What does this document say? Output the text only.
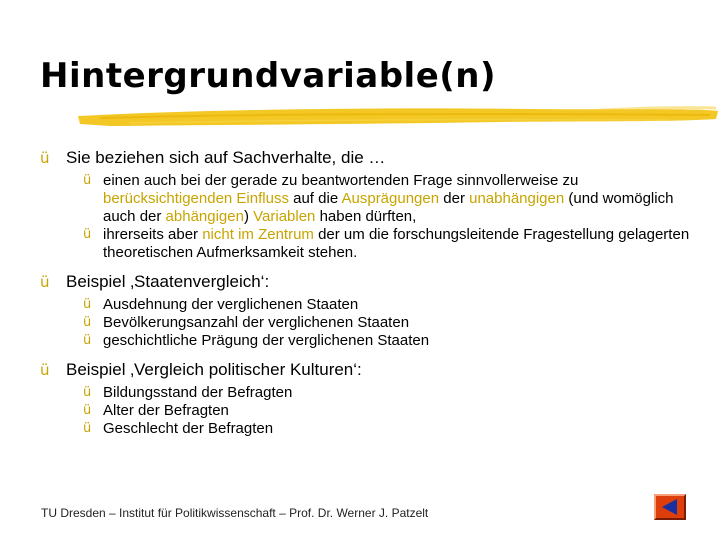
Hintergrundvariable(n)
ü Sie beziehen sich auf Sachverhalte, die …
ü einen auch bei der gerade zu beantwortenden Frage sinnvollerweise zu berücksichtigenden Einfluss auf die Ausprägungen der unabhängigen (und womöglich auch der abhängigen) Variablen haben dürften,
ü ihrerseits aber nicht im Zentrum der um die forschungsleitende Fragestellung gelagerten theoretischen Aufmerksamkeit stehen.
ü Beispiel ‚Staatenvergleich‘:
ü Ausdehnung der verglichenen Staaten
ü Bevölkerungsanzahl der verglichenen Staaten
ü geschichtliche Prägung der verglichenen Staaten
ü Beispiel ‚Vergleich politischer Kulturen‘:
ü Bildungsstand der Befragten
ü Alter der Befragten
ü Geschlecht der Befragten
TU Dresden – Institut für Politikwissenschaft – Prof. Dr. Werner J. Patzelt
